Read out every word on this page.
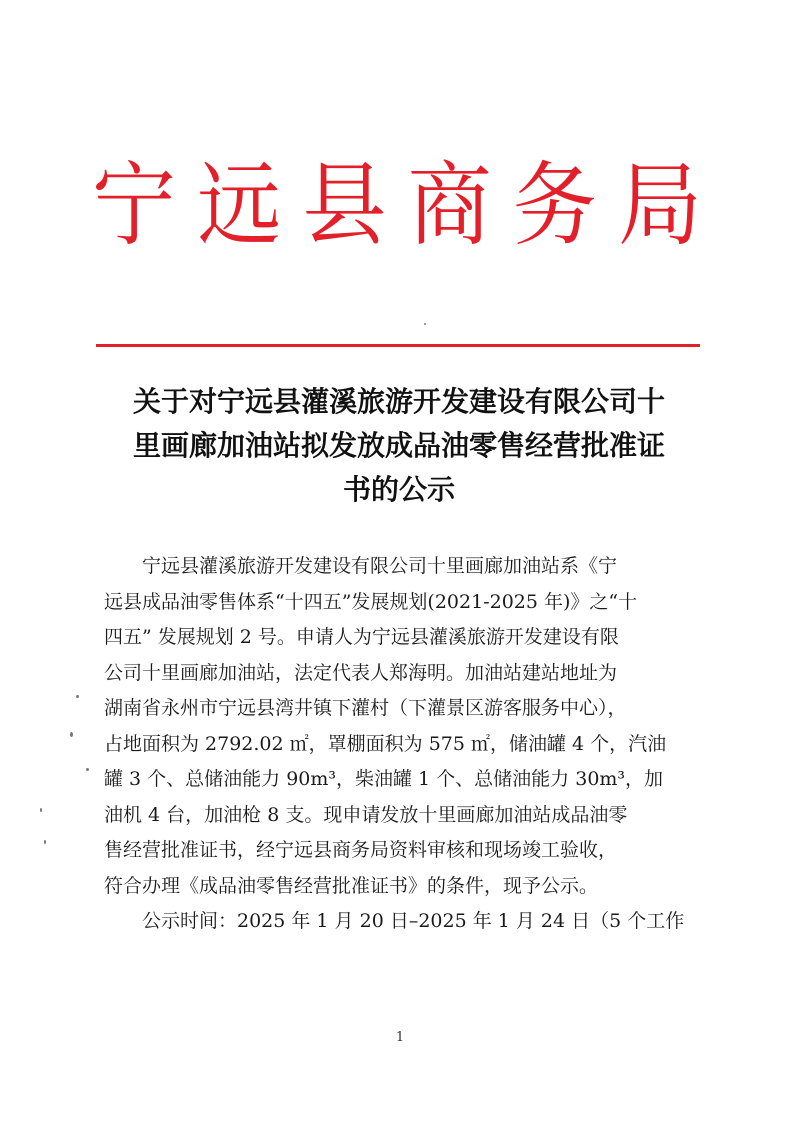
宁 远 县 商 务 局
关于对宁远县灌溪旅游开发建设有限公司十
里画廊加油站拟发放成品油零售经营批准证
书的公示
宁远县灌溪旅游开发建设有限公司十里画廊加油站系《宁
远县成品油零售体系“十四五”发展规划(2021-2025 年)》之“十
四五” 发展规划 2 号。申请人为宁远县灌溪旅游开发建设有限
公司十里画廊加油站，法定代表人郑海明。加油站建站地址为
湖南省永州市宁远县湾井镇下灌村（下灌景区游客服务中心），
占地面积为 2792.02 ㎡，罩棚面积为 575 ㎡，储油罐 4 个，汽油
罐 3 个、总储油能力 90m³，柴油罐 1 个、总储油能力 30m³，加
油机 4 台，加油枪 8 支。现申请发放十里画廊加油站成品油零
售经营批准证书，经宁远县商务局资料审核和现场竣工验收，
符合办理《成品油零售经营批准证书》的条件，现予公示。
公示时间：2025 年 1 月 20 日–2025 年 1 月 24 日（5 个工作
1
